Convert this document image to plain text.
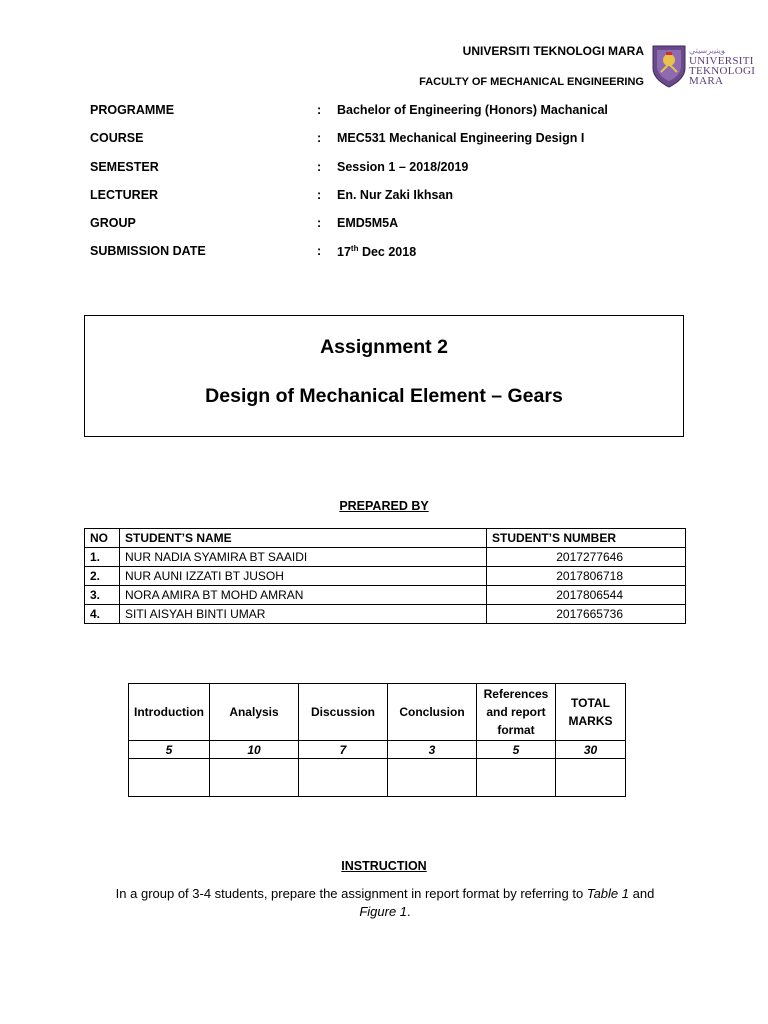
UNIVERSITI TEKNOLOGI MARA
FACULTY OF MECHANICAL ENGINEERING
ﻮﯾﻨﯿﯾﺮﺳﯿﺘﻲ
UNIVERSITI
TEKNOLOGI
MARA
PROGRAMME	: Bachelor of Engineering (Honors) Machanical
COURSE	: MEC531 Mechanical Engineering Design I
SEMESTER	: Session 1 – 2018/2019
LECTURER	: En. Nur Zaki Ikhsan
GROUP	: EMD5M5A
SUBMISSION DATE	: 17th Dec 2018
Assignment 2
Design of Mechanical Element – Gears
PREPARED BY
NO	STUDENT’S NAME	STUDENT’S NUMBER
1.	NUR NADIA SYAMIRA BT SAAIDI	2017277646
2.	NUR AUNI IZZATI BT JUSOH	2017806718
3.	NORA AMIRA BT MOHD AMRAN	2017806544
4.	SITI AISYAH BINTI UMAR	2017665736
Introduction	Analysis	Discussion	Conclusion	References and report format	TOTAL MARKS
5	10	7	3	5	30

INSTRUCTION
In a group of 3-4 students, prepare the assignment in report format by referring to Table 1 and
Figure 1.
